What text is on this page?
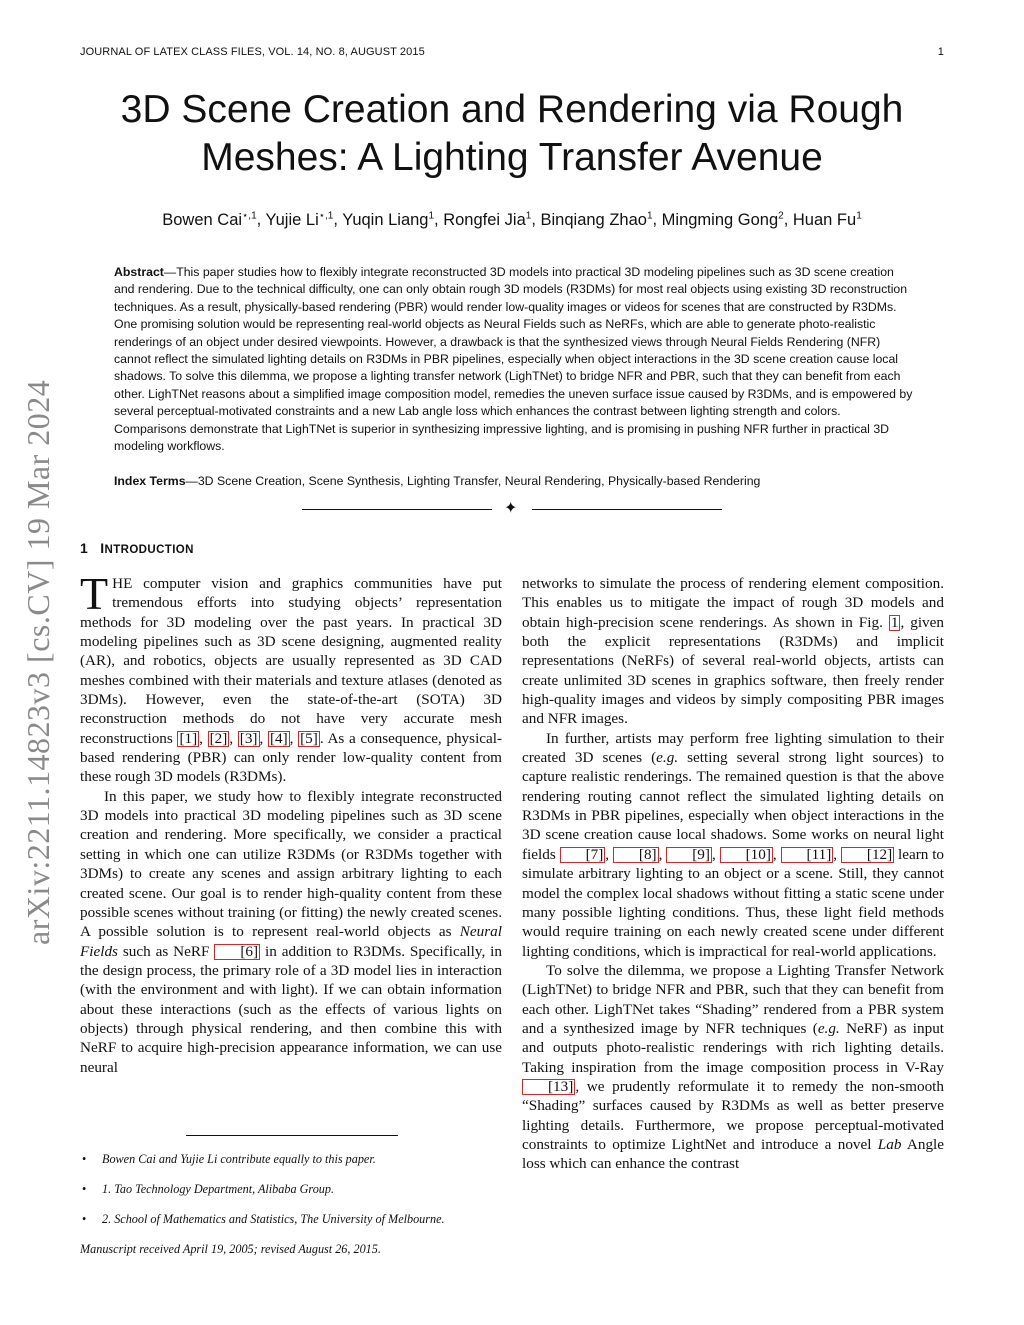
JOURNAL OF LATEX CLASS FILES, VOL. 14, NO. 8, AUGUST 2015	1
arXiv:2211.14823v3 [cs.CV] 19 Mar 2024
3D Scene Creation and Rendering via Rough Meshes: A Lighting Transfer Avenue
Bowen Cai$^{⋆,1}$, Yujie $Li^{⋆,1}$, Yuqin Liang$^1$, Rongfei Jia$^1$, Binqiang Zhao$^1$, Mingming Gong$^2$, Huan Fu$^1$
Abstract—This paper studies how to flexibly integrate reconstructed 3D models into practical 3D modeling pipelines such as 3D scene creation and rendering. Due to the technical difficulty, one can only obtain rough 3D models (R3DMs) for most real objects using existing 3D reconstruction techniques. As a result, physically-based rendering (PBR) would render low-quality images or videos for scenes that are constructed by R3DMs. One promising solution would be representing real-world objects as Neural Fields such as NeRFs, which are able to generate photo-realistic renderings of an object under desired viewpoints. However, a drawback is that the synthesized views through Neural Fields Rendering (NFR) cannot reflect the simulated lighting details on R3DMs in PBR pipelines, especially when object interactions in the 3D scene creation cause local shadows. To solve this dilemma, we propose a lighting transfer network (LighTNet) to bridge NFR and PBR, such that they can benefit from each other. LighTNet reasons about a simplified image composition model, remedies the uneven surface issue caused by R3DMs, and is empowered by several perceptual-motivated constraints and a new Lab angle loss which enhances the contrast between lighting strength and colors. Comparisons demonstrate that LighTNet is superior in synthesizing impressive lighting, and is promising in pushing NFR further in practical 3D modeling workflows.
Index Terms—3D Scene Creation, Scene Synthesis, Lighting Transfer, Neural Rendering, Physically-based Rendering
✦
1 INTRODUCTION

THE computer vision and graphics communities have put tremendous efforts into studying objects’ representation methods for 3D modeling over the past years. In practical 3D modeling pipelines such as 3D scene designing, augmented reality (AR), and robotics, objects are usually represented as 3D CAD meshes combined with their materials and texture atlases (denoted as 3DMs). However, even the state-of-the-art (SOTA) 3D reconstruction methods do not have very accurate mesh reconstructions [1] , [2] , [3] , [4] , [5] . As a consequence, physical-based rendering (PBR) can only render low-quality content from these rough 3D models (R3DMs).

In this paper, we study how to flexibly integrate reconstructed 3D models into practical 3D modeling pipelines such as 3D scene creation and rendering. More specifically, we consider a practical setting in which one can utilize R3DMs (or R3DMs together with 3DMs) to create any scenes and assign arbitrary lighting to each created scene. Our goal is to render high-quality content from these possible scenes without training (or fitting) the newly created scenes. A possible solution is to represent real-world objects as Neural Fields such as NeRF [6] in addition to R3DMs. Specifically, in the design process, the primary role of a 3D model lies in interaction (with the environment and with light). If we can obtain information about these interactions (such as the effects of various lights on objects) through physical rendering, and then combine this with NeRF to acquire high-precision appearance information, we can use neural

networks to simulate the process of rendering element composition. This enables us to mitigate the impact of rough 3D models and obtain high-precision scene renderings. As shown in Fig. 1 , given both the explicit representations (R3DMs) and implicit representations (NeRFs) of several real-world objects, artists can create unlimited 3D scenes in graphics software, then freely render high-quality images and videos by simply compositing PBR images and NFR images.

In further, artists may perform free lighting simulation to their created 3D scenes (e.g. setting several strong light sources) to capture realistic renderings. The remained question is that the above rendering routing cannot reflect the simulated lighting details on R3DMs in PBR pipelines, especially when object interactions in the 3D scene creation cause local shadows. Some works on neural light fields [7] , [8] , [9] , [10] , [11] , [12] learn to simulate arbitrary lighting to an object or a scene. Still, they cannot model the complex local shadows without fitting a static scene under many possible lighting conditions. Thus, these light field methods would require training on each newly created scene under different lighting conditions, which is impractical for real-world applications.

To solve the dilemma, we propose a Lighting Transfer Network (LighTNet) to bridge NFR and PBR, such that they can benefit from each other. LighTNet takes “Shading” rendered from a PBR system and a synthesized image by NFR techniques (e.g. NeRF) as input and outputs photo-realistic renderings with rich lighting details. Taking inspiration from the image composition process in V-Ray [13] , we prudently reformulate it to remedy the non-smooth “Shading” surfaces caused by R3DMs as well as better preserve lighting details. Furthermore, we propose perceptual-motivated constraints to optimize LightNet and introduce a novel Lab Angle loss which can enhance the contrast

• Bowen Cai and Yujie Li contribute equally to this paper.
• 1. Tao Technology Department, Alibaba Group.
• 2. School of Mathematics and Statistics, The University of Melbourne.
Manuscript received April 19, 2005; revised August 26, 2015.
